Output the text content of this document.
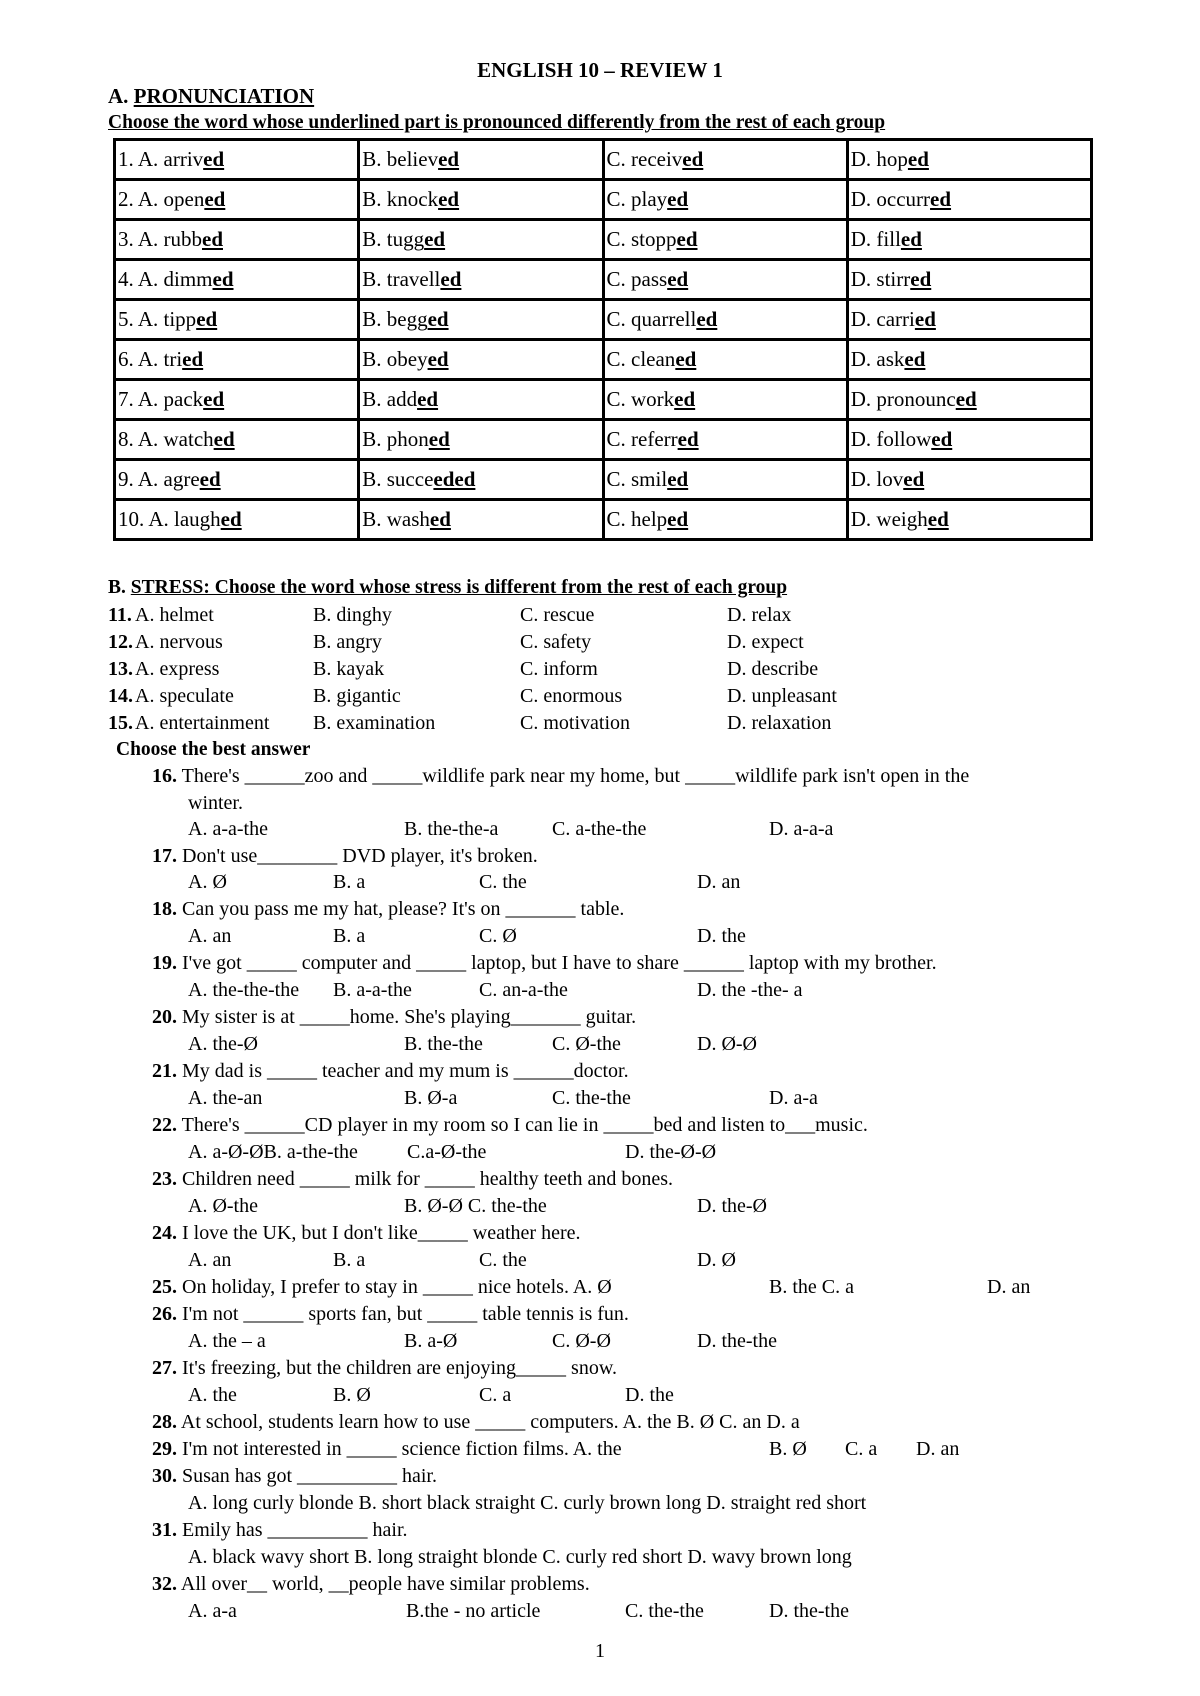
ENGLISH 10 – REVIEW 1
A. PRONUNCIATION
Choose the word whose underlined part is pronounced differently from the rest of each group
1. A. arrived	B. believed	C. received	D. hoped
2. A. opened	B. knocked	C. played	D. occurred
3. A. rubbed	B. tugged	C. stopped	D. filled
4. A. dimmed	B. travelled	C. passed	D. stirred
5. A. tipped	B. begged	C. quarrelled	D. carried
6. A. tried	B. obeyed	C. cleaned	D. asked
7. A. packed	B. added	C. worked	D. pronounced
8. A. watched	B. phoned	C. referred	D. followed
9. A. agreed	B. succeeded	C. smiled	D. loved
10. A. laughed	B. washed	C. helped	D. weighed
B. STRESS: Choose the word whose stress is different from the rest of each group
11. A. helmet	B. dinghy	C. rescue	D. relax
12. A. nervous	B. angry	C. safety	D. expect
13. A. express	B. kayak	C. inform	D. describe
14. A. speculate	B. gigantic	C. enormous	D. unpleasant
15. A. entertainment B. examination	C. motivation	D. relaxation
Choose the best answer
16. There's ______zoo and _____wildlife park near my home, but _____wildlife park isn't open in the
winter.
A. a-a-the	B. the-the-a	C. a-the-the	D. a-a-a
17. Don't use________ DVD player, it's broken.
A. Ø	B. a	C. the	D. an
18. Can you pass me my hat, please? It's on _______ table.
A. an	B. a	C. Ø	D. the
19. I've got _____ computer and _____ laptop, but I have to share ______ laptop with my brother.
A. the-the-the B. a-a-the	C. an-a-the	D. the -the- a
20. My sister is at _____home. She's playing_______ guitar.
A. the-Ø	B. the-the	C. Ø-the	D. Ø-Ø
21. My dad is _____ teacher and my mum is ______doctor.
A. the-an	B. Ø-a	C. the-the	D. a-a
22. There's ______CD player in my room so I can lie in _____bed and listen to___music.
A. a-Ø-ØB. a-the-the C.a-Ø-the	D. the-Ø-Ø
23. Children need _____ milk for _____ healthy teeth and bones.
A. Ø-the	B. Ø-Ø C. the-the	D. the-Ø
24. I love the UK, but I don't like_____ weather here.
A. an	B. a	C. the	D. Ø
25. On holiday, I prefer to stay in _____ nice hotels. A. Ø	B. the C. a	D. an
26. I'm not ______ sports fan, but _____ table tennis is fun.
A. the – a	B. a-Ø	C. Ø-Ø	D. the-the
27. It's freezing, but the children are enjoying_____ snow.
A. the	B. Ø	C. a	D. the
28. At school, students learn how to use _____ computers. A. the B. Ø C. an D. a
29. I'm not interested in _____ science fiction films. A. the	B. Ø C. a D. an
30. Susan has got __________ hair.
A. long curly blonde B. short black straight C. curly brown long D. straight red short
31. Emily has __________ hair.
A. black wavy short B. long straight blonde C. curly red short D. wavy brown long
32. All over__ world, __people have similar problems.
A. a-a	B.the - no article	C. the-the	D. the-the
1
